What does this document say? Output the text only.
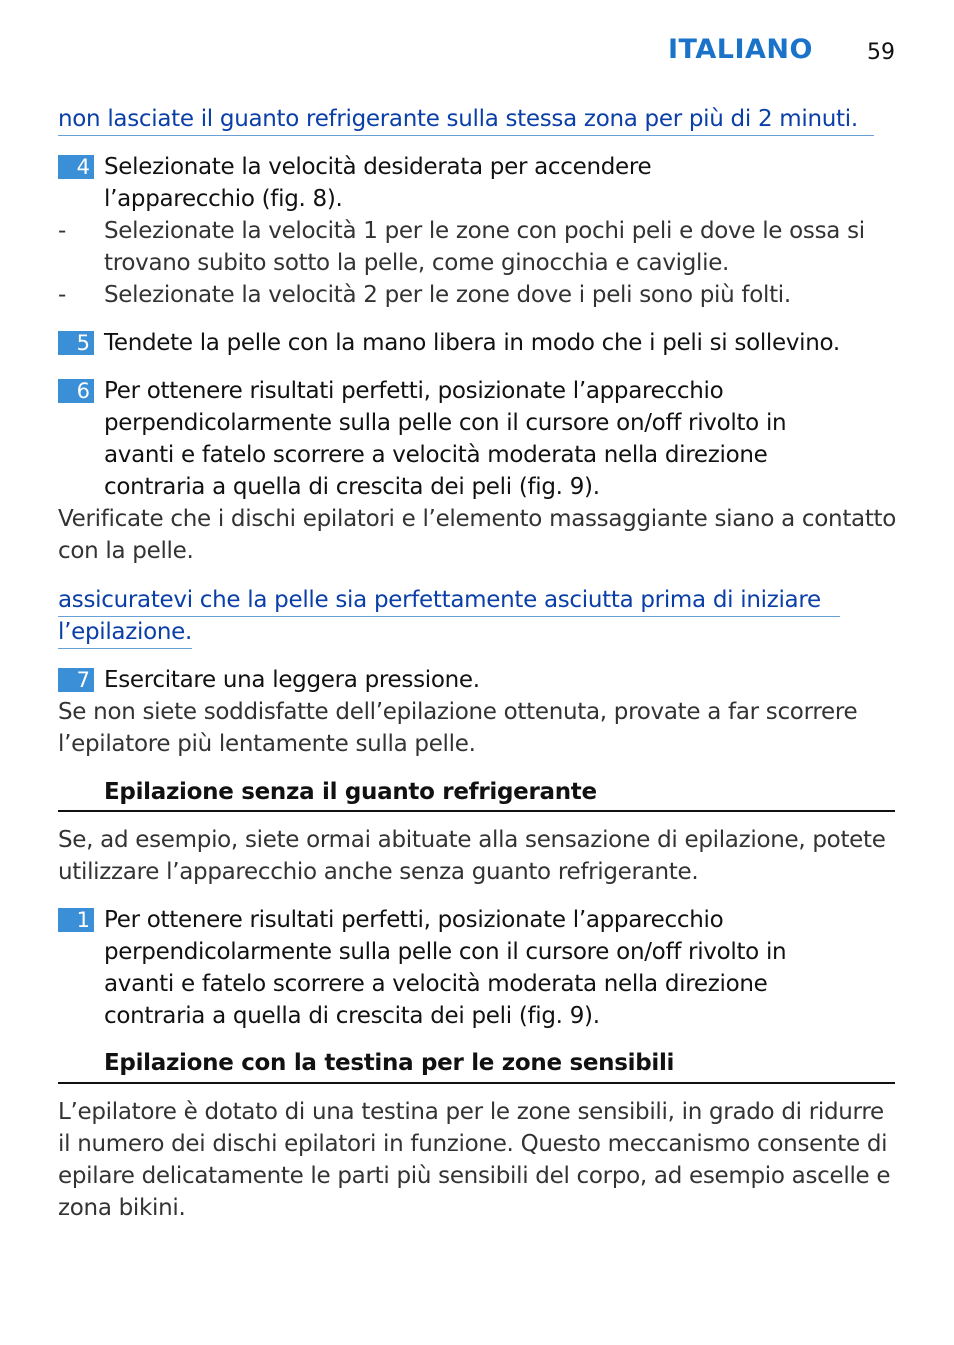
ITALIANO 59
non lasciate il guanto refrigerante sulla stessa zona per più di 2 minuti.
4 Selezionate la velocità desiderata per accendere
l’apparecchio (fig. 8).
- Selezionate la velocità 1 per le zone con pochi peli e dove le ossa si
trovano subito sotto la pelle, come ginocchia e caviglie.
- Selezionate la velocità 2 per le zone dove i peli sono più folti.
5 Tendete la pelle con la mano libera in modo che i peli si sollevino.
6 Per ottenere risultati perfetti, posizionate l’apparecchio
perpendicolarmente sulla pelle con il cursore on/off rivolto in
avanti e fatelo scorrere a velocità moderata nella direzione
contraria a quella di crescita dei peli (fig. 9).
Verificate che i dischi epilatori e l’elemento massaggiante siano a contatto
con la pelle.
assicuratevi che la pelle sia perfettamente asciutta prima di iniziare
l’epilazione.
7 Esercitare una leggera pressione.
Se non siete soddisfatte dell’epilazione ottenuta, provate a far scorrere
l’epilatore più lentamente sulla pelle.
Epilazione senza il guanto refrigerante
Se, ad esempio, siete ormai abituate alla sensazione di epilazione, potete
utilizzare l’apparecchio anche senza guanto refrigerante.
1 Per ottenere risultati perfetti, posizionate l’apparecchio
perpendicolarmente sulla pelle con il cursore on/off rivolto in
avanti e fatelo scorrere a velocità moderata nella direzione
contraria a quella di crescita dei peli (fig. 9).
Epilazione con la testina per le zone sensibili
L’epilatore è dotato di una testina per le zone sensibili, in grado di ridurre
il numero dei dischi epilatori in funzione. Questo meccanismo consente di
epilare delicatamente le parti più sensibili del corpo, ad esempio ascelle e
zona bikini.
